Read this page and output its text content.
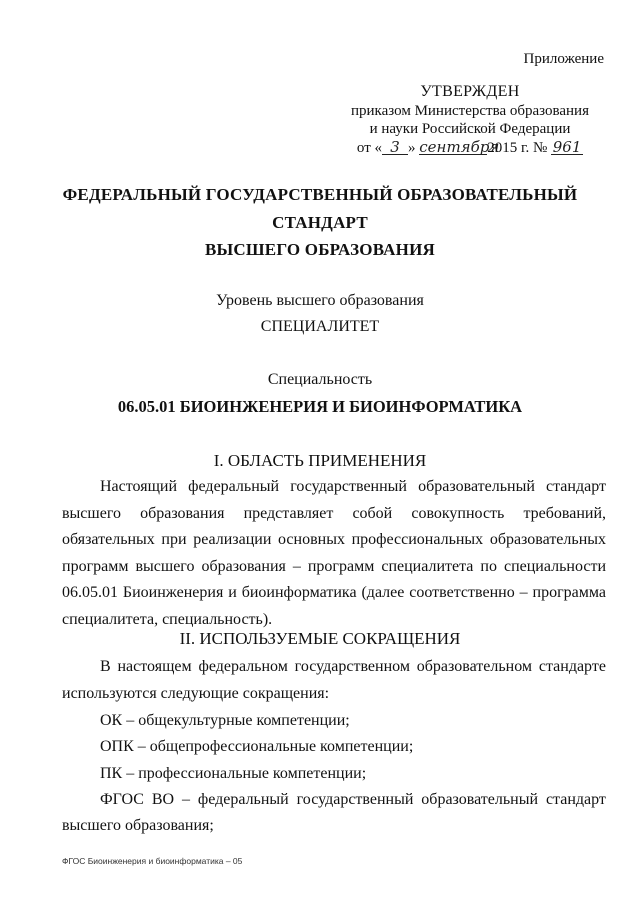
Приложение
УТВЕРЖДЕН
приказом Министерства образования
и науки Российской Федерации
от « 3 » сентября2015 г. № 961
ФЕДЕРАЛЬНЫЙ ГОСУДАРСТВЕННЫЙ ОБРАЗОВАТЕЛЬНЫЙ
СТАНДАРТ
ВЫСШЕГО ОБРАЗОВАНИЯ
Уровень высшего образования
СПЕЦИАЛИТЕТ
Специальность
06.05.01 БИОИНЖЕНЕРИЯ И БИОИНФОРМАТИКА
I. ОБЛАСТЬ ПРИМЕНЕНИЯ

Настоящий федеральный государственный образовательный стандарт высшего образования представляет собой совокупность требований, обязательных при реализации основных профессиональных образовательных программ высшего образования – программ специалитета по специальности 06.05.01 Биоинженерия и биоинформатика (далее соответственно – программа специалитета, специальность).

II. ИСПОЛЬЗУЕМЫЕ СОКРАЩЕНИЯ
В настоящем федеральном государственном образовательном стандарте
используются следующие сокращения:
ОК – общекультурные компетенции;
ОПК – общепрофессиональные компетенции;
ПК – профессиональные компетенции;
ФГОС ВО – федеральный государственный образовательный стандарт
высшего образования;
ФГОС Биоинженерия и биоинформатика – 05
